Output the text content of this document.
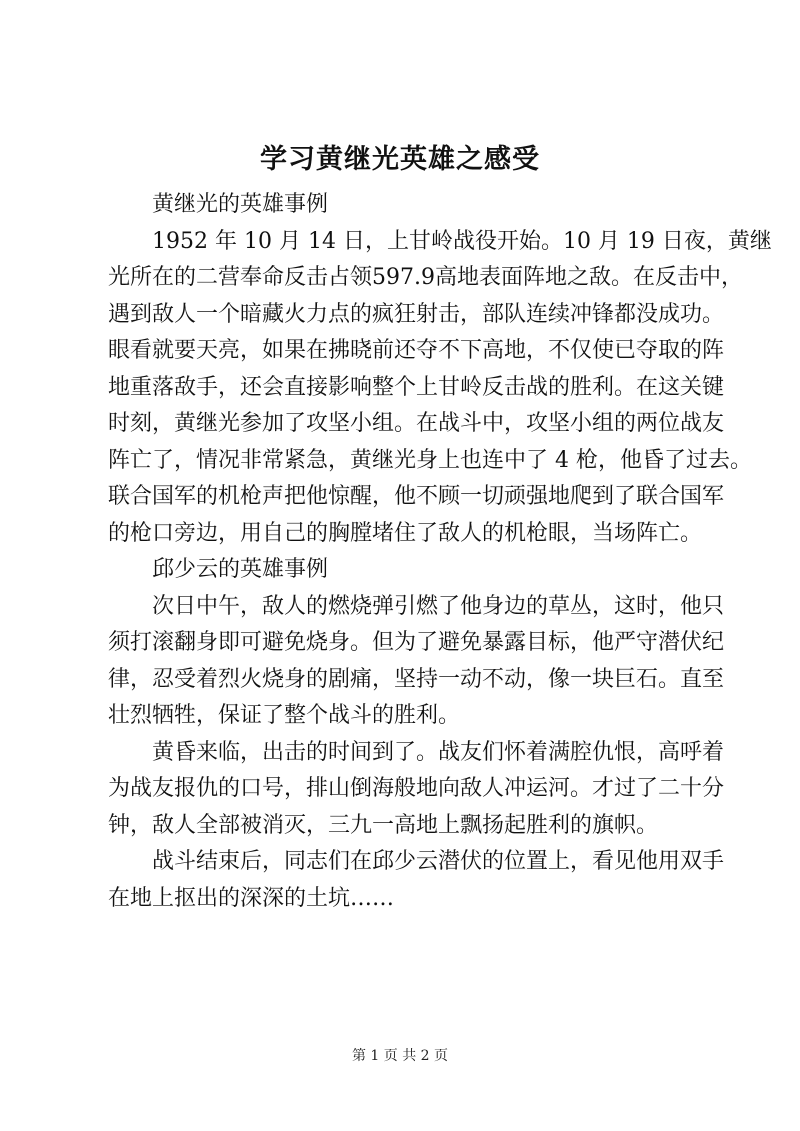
学习黄继光英雄之感受
黄继光的英雄事例
1952 年 10 月 14 日，上甘岭战役开始。10 月 19 日夜，黄继
光所在的二营奉命反击占领597.9高地表面阵地之敌。在反击中，
遇到敌人一个暗藏火力点的疯狂射击，部队连续冲锋都没成功。
眼看就要天亮，如果在拂晓前还夺不下高地，不仅使已夺取的阵
地重落敌手，还会直接影响整个上甘岭反击战的胜利。在这关键
时刻，黄继光参加了攻坚小组。在战斗中，攻坚小组的两位战友
阵亡了，情况非常紧急，黄继光身上也连中了 4 枪，他昏了过去。
联合国军的机枪声把他惊醒，他不顾一切顽强地爬到了联合国军
的枪口旁边，用自己的胸膛堵住了敌人的机枪眼，当场阵亡。
邱少云的英雄事例
次日中午，敌人的燃烧弹引燃了他身边的草丛，这时，他只
须打滚翻身即可避免烧身。但为了避免暴露目标，他严守潜伏纪
律，忍受着烈火烧身的剧痛，坚持一动不动，像一块巨石。直至
壮烈牺牲，保证了整个战斗的胜利。
黄昏来临，出击的时间到了。战友们怀着满腔仇恨，高呼着
为战友报仇的口号，排山倒海般地向敌人冲运河。才过了二十分
钟，敌人全部被消灭，三九一高地上飘扬起胜利的旗帜。
战斗结束后，同志们在邱少云潜伏的位置上，看见他用双手
在地上抠出的深深的土坑……
第 1 页 共 2 页
